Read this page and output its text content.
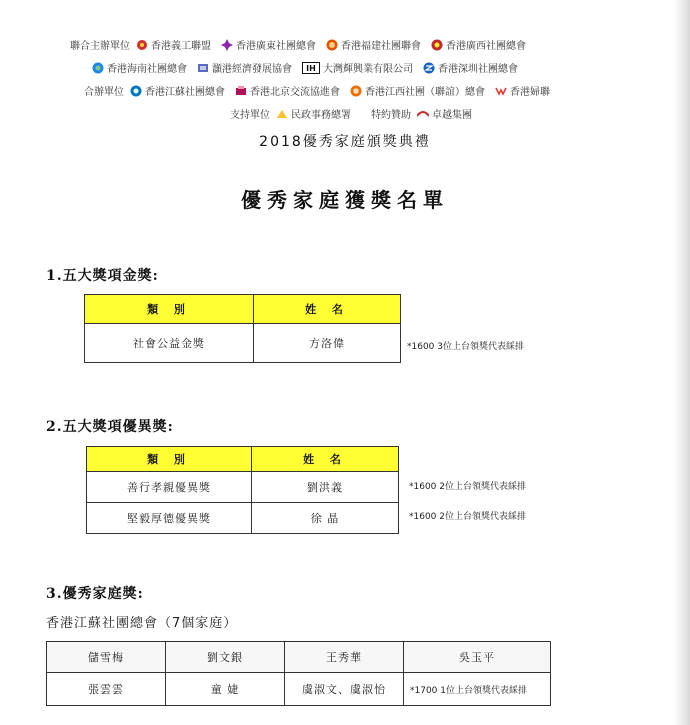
聯合主辦單位 香港義工聯盟	香港廣東社團總會	香港福建社團聯會	香港廣西社團總會
香港海南社團總會	灝港經濟發展協會 IH 大灣輝興業有限公司	香港深圳社團總會
合辦單位 香港江蘇社團總會	香港北京交流協進會	香港江西社團（聯誼）總會	香港婦聯
支持單位 民政事務總署 特約贊助 卓越集團
2018優秀家庭頒獎典禮
優秀家庭獲獎名單
1.五大獎項金獎:
類 別	姓 名
社會公益金獎	方洛偉	*1600 3位上台領獎代表綵排
2.五大獎項優異獎:
類 別	姓 名
善行孝親優異獎	劉洪義
堅毅厚德優異獎	徐 晶
*1600 2位上台領獎代表綵排
*1600 2位上台領獎代表綵排
3.優秀家庭獎:
香港江蘇社團總會（7個家庭）
儲雪梅	劉文銀	王秀華	吳玉平
張雲雲	童 婕	虞淑文、虞淑怡	*1700 1位上台領獎代表綵排
